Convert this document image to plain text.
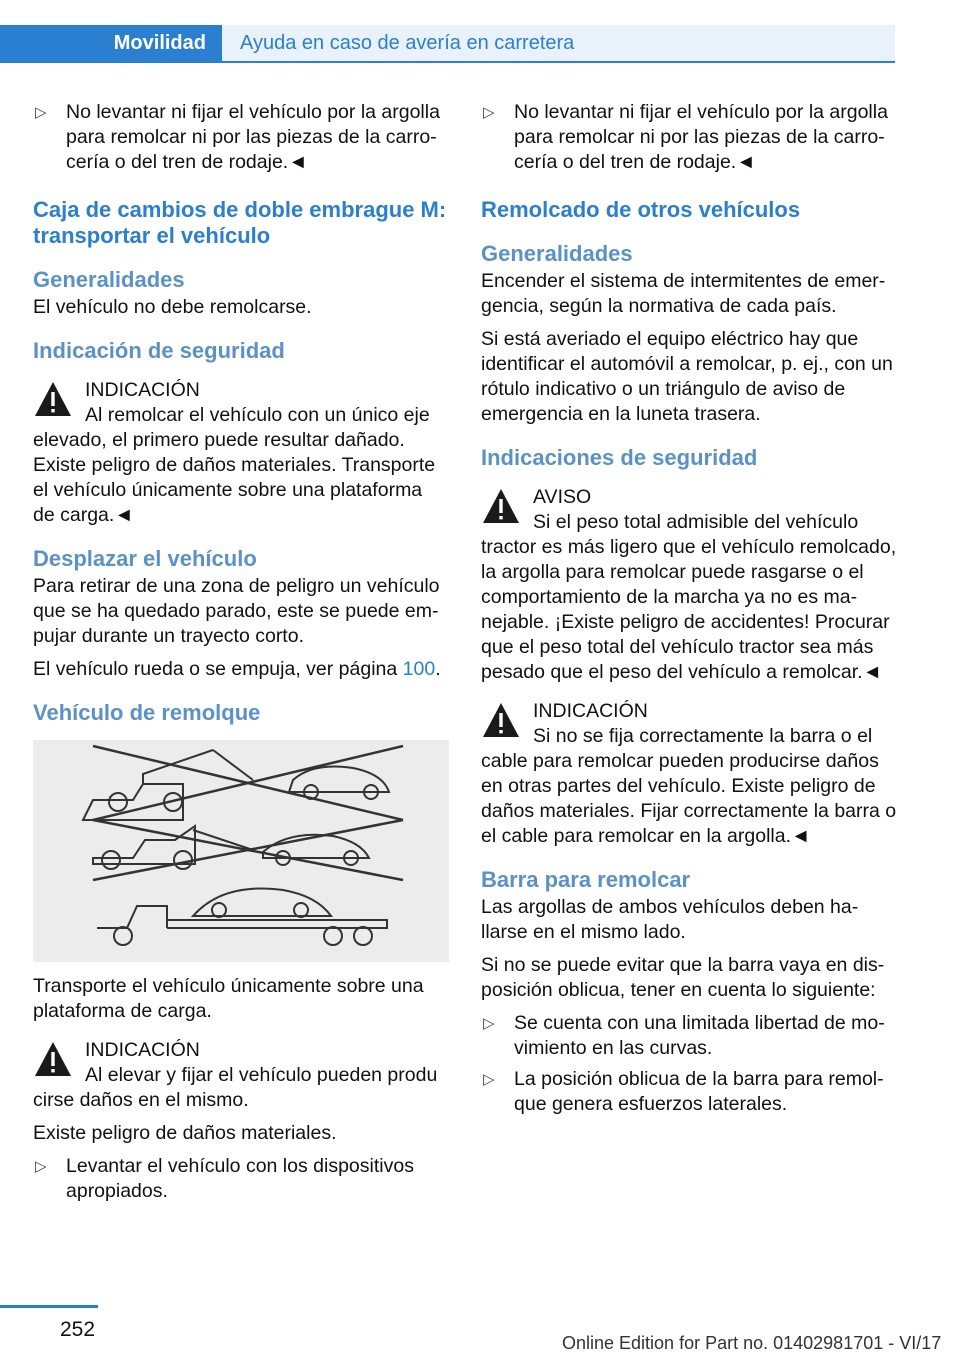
Movilidad Ayuda en caso de avería en carretera
▷ No levantar ni fijar el vehículo por la argolla para remolcar ni por las piezas de la carrocería o del tren de rodaje.◄
Caja de cambios de doble embrague M: transportar el vehículo
Generalidades

El vehículo no debe remolcarse.

Indicación de seguridad
INDICACIÓN
Al remolcar el vehículo con un único eje
elevado, el primero puede resultar dañado. Existe peligro de daños materiales. Transporte el vehículo únicamente sobre una plataforma de carga.◄
Desplazar el vehículo

Para retirar de una zona de peligro un vehículo que se ha quedado parado, este se puede empujar durante un trayecto corto.

El vehículo rueda o se empuja, ver página 100.

Vehículo de remolque

Transporte el vehículo únicamente sobre una plataforma de carga.

INDICACIÓN
Al elevar y fijar el vehículo pueden produ
cirse daños en el mismo.

Existe peligro de daños materiales.

▷ Levantar el vehículo con los dispositivos apropiados.
▷ No levantar ni fijar el vehículo por la argolla para remolcar ni por las piezas de la carrocería o del tren de rodaje.◄
Remolcado de otros vehículos
Generalidades

Encender el sistema de intermitentes de emergencia, según la normativa de cada país.

Si está averiado el equipo eléctrico hay que identificar el automóvil a remolcar, p. ej., con un rótulo indicativo o un triángulo de aviso de emergencia en la luneta trasera.

Indicaciones de seguridad
AVISO
Si el peso total admisible del vehículo
tractor es más ligero que el vehículo remolcado, la argolla para remolcar puede rasgarse o el comportamiento de la marcha ya no es manejable. ¡Existe peligro de accidentes! Procurar que el peso total del vehículo tractor sea más pesado que el peso del vehículo a remolcar.◄
INDICACIÓN
Si no se fija correctamente la barra o el
cable para remolcar pueden producirse daños en otras partes del vehículo. Existe peligro de daños materiales. Fijar correctamente la barra o el cable para remolcar en la argolla.◄
Barra para remolcar

Las argollas de ambos vehículos deben hallarse en el mismo lado.

Si no se puede evitar que la barra vaya en disposición oblicua, tener en cuenta lo siguiente:

▷ Se cuenta con una limitada libertad de movimiento en las curvas.
▷ La posición oblicua de la barra para remolque genera esfuerzos laterales.
252
Online Edition for Part no. 01402981701 - VI/17
